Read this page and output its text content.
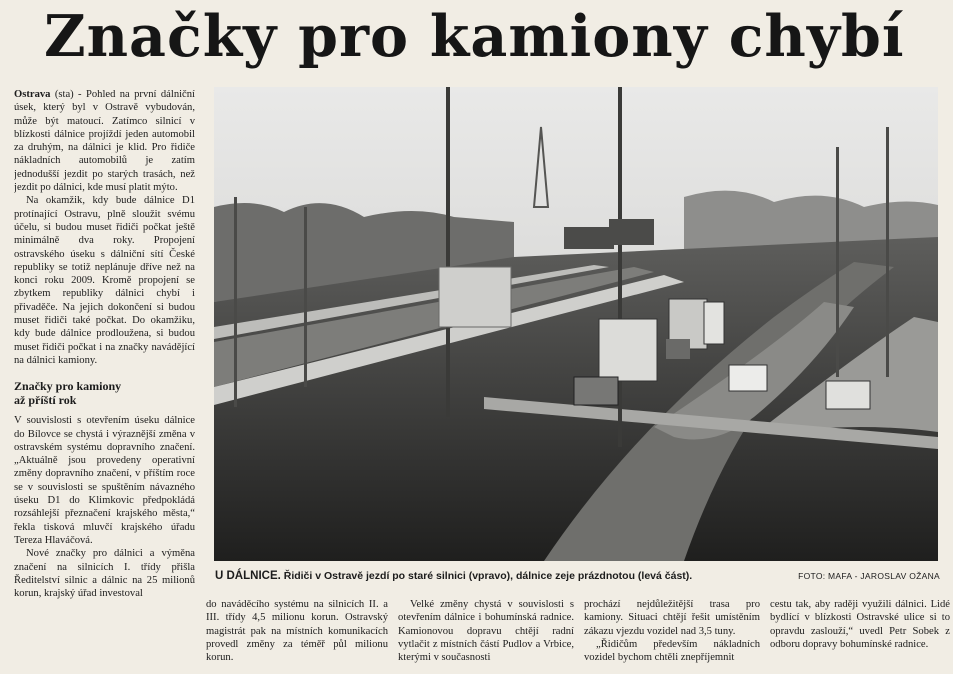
Značky pro kamiony chybí

Ostrava (sta) - Pohled na první dálniční úsek, který byl v Ostravě vybudován, může být matoucí. Zatímco silnicí v blízkosti dálnice projíždí jeden automobil za druhým, na dálnici je klid. Pro řidiče nákladních automobilů je zatím jednodušší jezdit po starých trasách, než jezdit po dálnici, kde musí platit mýto.

Na okamžik, kdy bude dálnice D1 protínající Ostravu, plně sloužit svému účelu, si budou muset řidiči počkat ještě minimálně dva roky. Propojení ostravského úseku s dálniční sítí České republiky se totiž neplánuje dříve než na konci roku 2009. Kromě propojení se zbytkem republiky dálnici chybí i přivaděče. Na jejich dokončení si budou muset řidiči také počkat. Do okamžiku, kdy bude dálnice prodloužena, si budou muset řidiči počkat i na značky navádějící na dálnici kamiony.

Značky pro kamiony
až příští rok

V souvislosti s otevřením úseku dálnice do Bílovce se chystá i výraznější změna v ostravském systému dopravního značení. „Aktuálně jsou provedeny operativní změny dopravního značení, v příštím roce se v souvislosti se spuštěním návazného úseku D1 do Klimkovic předpokládá rozsáhlejší přeznačení krajského města,“ řekla tisková mluvčí krajského úřadu Tereza Hlaváčová.

Nové značky pro dálnici a výměna značení na silnicích I. třídy přišla Ředitelství silnic a dálnic na 25 milionů korun, krajský úřad investoval

U DÁLNICE. Řidiči v Ostravě jezdí po staré silnici (vpravo), dálnice zeje prázdnotou (levá část).	FOTO: MAFA - JAROSLAV OŽANA

do naváděcího systému na silnicích II. a III. třídy 4,5 milionu korun. Ostravský magistrát pak na místních komunikacích provedl změny za téměř půl milionu korun.

Velké změny chystá v souvislosti s otevřením dálnice i bohumínská radnice. Kamionovou dopravu chtějí radní vytlačit z místních částí Pudlov a Vrbice, kterými v současnosti

prochází nejdůležitější trasa pro kamiony. Situaci chtějí řešit umístěním zákazu vjezdu vozidel nad 3,5 tuny.

„Řidičům především nákladních vozidel bychom chtěli znepříjemnit

cestu tak, aby raději využili dálnici. Lidé bydlící v blízkosti Ostravské ulice si to opravdu zaslouží,“ uvedl Petr Sobek z odboru dopravy bohumínské radnice.
